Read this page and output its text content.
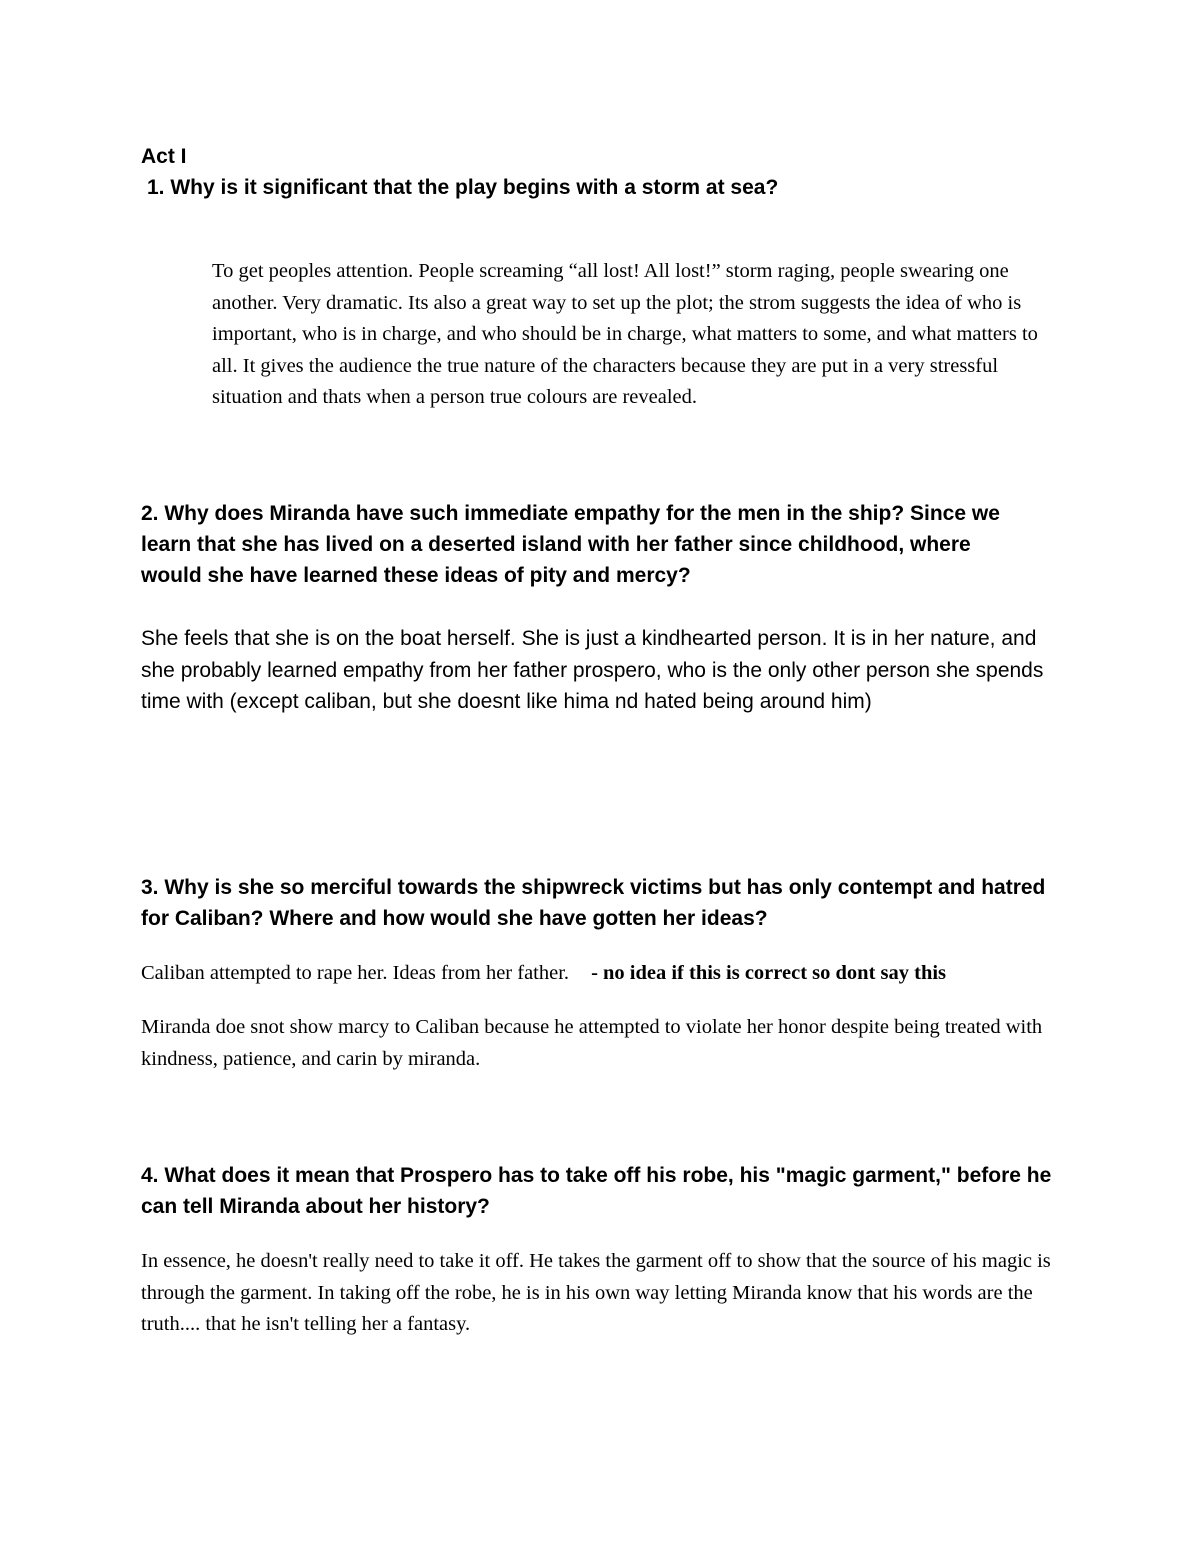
Act I
1. Why is it significant that the play begins with a storm at sea?
To get peoples attention. People screaming “all lost! All lost!” storm raging, people swearing one another. Very dramatic. Its also a great way to set up the plot; the strom suggests the idea of who is important, who is in charge, and who should be in charge, what matters to some, and what matters to all. It gives the audience the true nature of the characters because they are put in a very stressful situation and thats when a person true colours are revealed.
2. Why does Miranda have such immediate empathy for the men in the ship? Since we learn that she has lived on a deserted island with her father since childhood, where would she have learned these ideas of pity and mercy?
She feels that she is on the boat herself. She is just a kindhearted person. It is in her nature, and she probably learned empathy from her father prospero, who is the only other person she spends time with (except caliban, but she doesnt like hima nd hated being around him)
3. Why is she so merciful towards the shipwreck victims but has only contempt and hatred for Caliban? Where and how would she have gotten her ideas?
Caliban attempted to rape her. Ideas from her father. - no idea if this is correct so dont say this
Miranda doe snot show marcy to Caliban because he attempted to violate her honor despite being treated with kindness, patience, and carin by miranda.
4. What does it mean that Prospero has to take off his robe, his "magic garment," before he can tell Miranda about her history?
In essence, he doesn't really need to take it off. He takes the garment off to show that the source of his magic is through the garment. In taking off the robe, he is in his own way letting Miranda know that his words are the truth.... that he isn't telling her a fantasy.
